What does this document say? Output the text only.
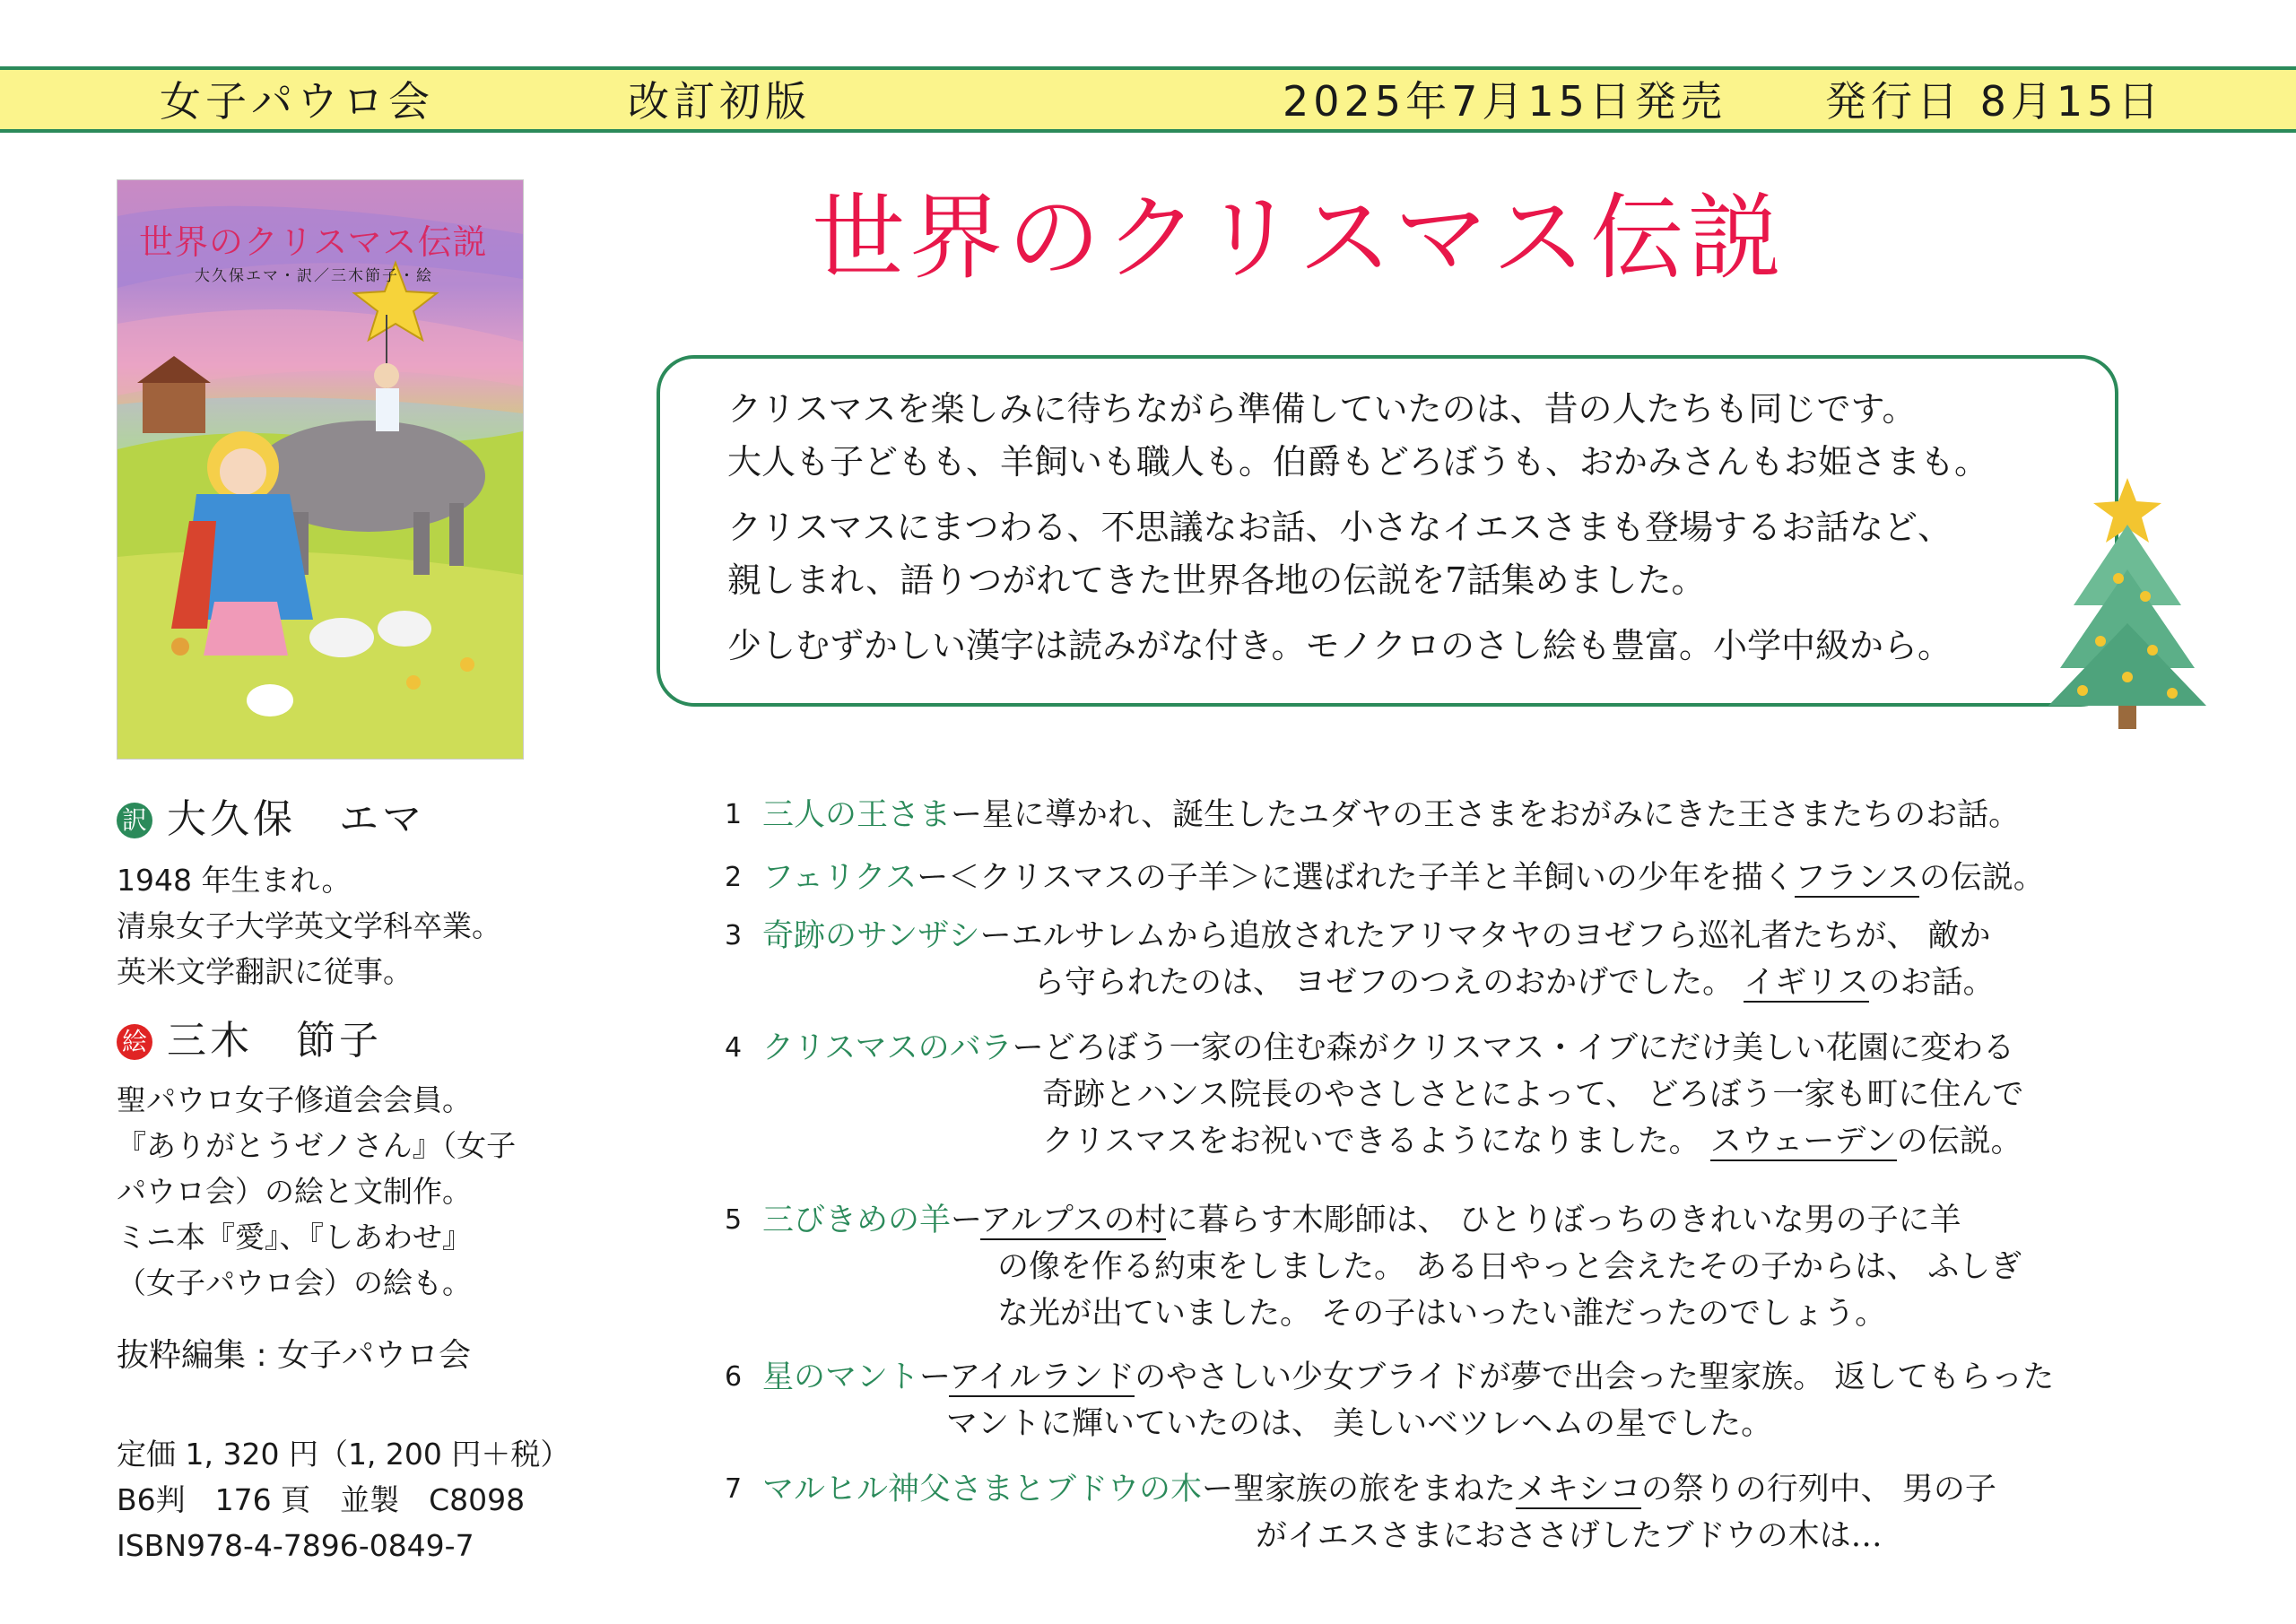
女子パウロ会	改訂初版	2025年7月15日発売 発行日 8月15日
世界のクリスマス伝説
大久保エマ・訳／三木節子・絵	世界のクリスマス伝説
クリスマスを楽しみに待ちながら準備していたのは、昔の人たちも同じです。
大人も子どもも、羊飼いも職人も。伯爵もどろぼうも、おかみさんもお姫さまも。
クリスマスにまつわる、不思議なお話、小さなイエスさまも登場するお話など、
親しまれ、語りつがれてきた世界各地の伝説を7話集めました。
少しむずかしい漢字は読みがな付き。モノクロのさし絵も豊富。小学中級から。
訳 大久保　エマ
1948 年生まれ。
清泉女子大学英文学科卒業。
英米文学翻訳に従事。
絵 三木　節子
聖パウロ女子修道会会員。
『ありがとうゼノさん』（女子
パウロ会）の絵と文制作。
ミニ本『愛』、『しあわせ』
（女子パウロ会）の絵も。
抜粋編集 : 女子パウロ会
定価 1, 320 円（1, 200 円＋税）
B6判　176 頁　並製　C8098
ISBN978-4-7896-0849-7
1 三人の王さまー星に導かれ、誕生したユダヤの王さまをおがみにきた王さまたちのお話。
2 フェリクスー＜クリスマスの子羊＞に選ばれた子羊と羊飼いの少年を描くフランスの伝説。
3 奇跡のサンザシーエルサレムから追放されたアリマタヤのヨゼフら巡礼者たちが、 敵か
ら守られたのは、 ヨゼフのつえのおかげでした。 イギリスのお話。
4 クリスマスのバラーどろぼう一家の住む森がクリスマス・イブにだけ美しい花園に変わる
奇跡とハンス院長のやさしさとによって、 どろぼう一家も町に住んで
クリスマスをお祝いできるようになりました。 スウェーデンの伝説。
5 三びきめの羊ーアルプスの村に暮らす木彫師は、 ひとりぼっちのきれいな男の子に羊
の像を作る約束をしました。 ある日やっと会えたその子からは、 ふしぎ
な光が出ていました。 その子はいったい誰だったのでしょう。
6 星のマントーアイルランドのやさしい少女ブライドが夢で出会った聖家族。 返してもらった
マントに輝いていたのは、 美しいベツレヘムの星でした。
7 マルヒル神父さまとブドウの木ー聖家族の旅をまねたメキシコの祭りの行列中、 男の子
がイエスさまにおささげしたブドウの木は…
